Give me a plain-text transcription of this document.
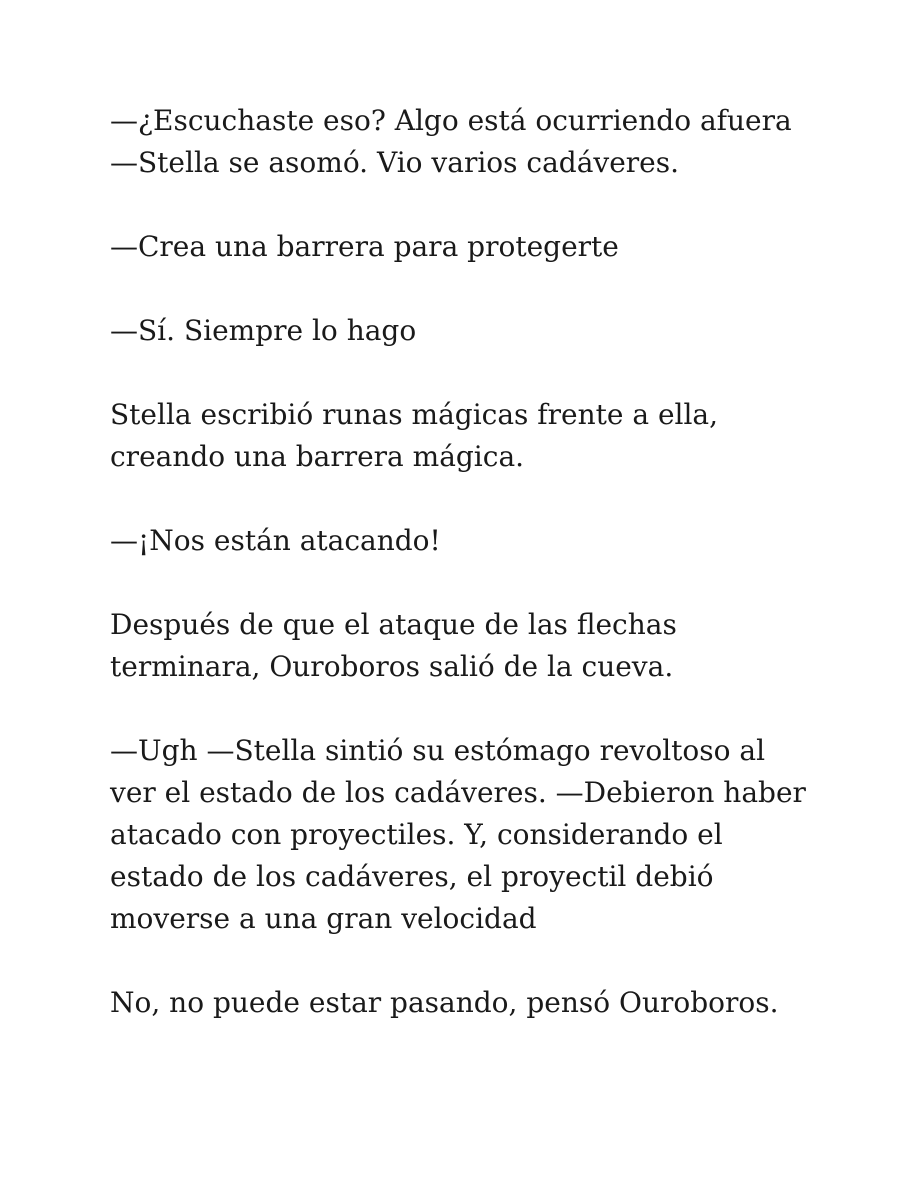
—¿Escuchaste eso? Algo está ocurriendo afuera
—Stella se asomó. Vio varios cadáveres.

—Crea una barrera para protegerte

—Sí. Siempre lo hago

Stella escribió runas mágicas frente a ella,
creando una barrera mágica.

—¡Nos están atacando!

Después de que el ataque de las flechas
terminara, Ouroboros salió de la cueva.

—Ugh —Stella sintió su estómago revoltoso al
ver el estado de los cadáveres. —Debieron haber
atacado con proyectiles. Y, considerando el
estado de los cadáveres, el proyectil debió
moverse a una gran velocidad

No, no puede estar pasando, pensó Ouroboros.
